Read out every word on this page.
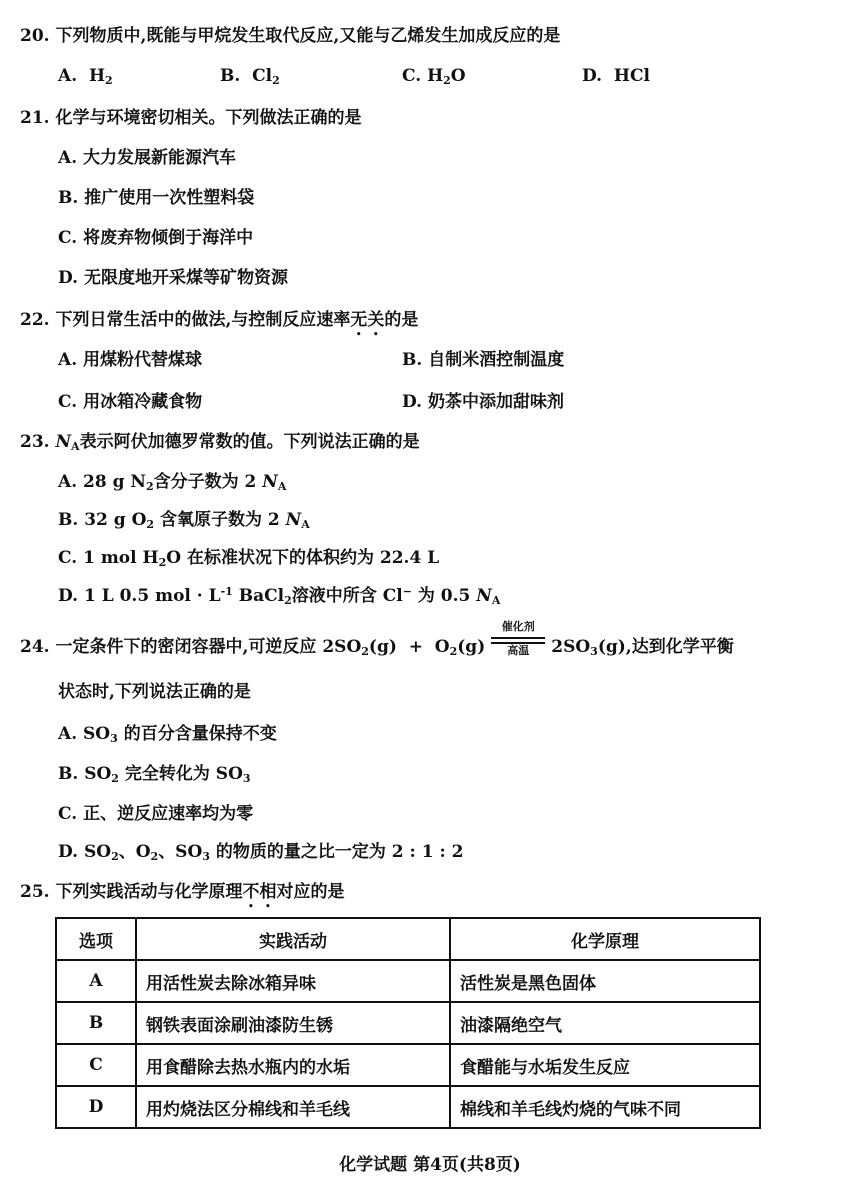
20. 下列物质中,既能与甲烷发生取代反应,又能与乙烯发生加成反应的是
A.  $H_2$	B.  $Cl_2$	C. $H_2O$	D.  HCl
21. 化学与环境密切相关。下列做法正确的是
A. 大力发展新能源汽车
B. 推广使用一次性塑料袋
C. 将废弃物倾倒于海洋中
D. 无限度地开采煤等矿物资源
22. 下列日常生活中的做法,与控制反应速率无关的是
A. 用煤粉代替煤球	B. 自制米酒控制温度
C. 用冰箱冷藏食物	D. 奶茶中添加甜味剂
23. $N_A$表示阿伏加德罗常数的值。下列说法正确的是
A. 28 g $N_2$含分子数为 2 $N_A$
B. 32 g $O_2$ 含氧原子数为 2 $N_A$
C. 1 mol $H_2O$ 在标准状况下的体积约为 22.4 L
D. 1 L 0.5 mol · $L^{-1}$ BaCl$_2$溶液中所含 Cl− 为 0.5 $N_A$
24. 一定条件下的密闭容器中,可逆反应 $2SO_2(g) + O_2(g)$
催化剂
高温	$2SO_3(g)$,达到化学平衡
状态时,下列说法正确的是
A. $SO_3$ 的百分含量保持不变
B. $SO_2$ 完全转化为 $SO_3$
C. 正、逆反应速率均为零
D. $SO_2$、$O_2$、$SO_3$ 的物质的量之比一定为 2 : 1 : 2
25. 下列实践活动与化学原理不相对应的是
选项	实践活动	化学原理
A	用活性炭去除冰箱异味	活性炭是黑色固体
B	钢铁表面涂刷油漆防生锈	油漆隔绝空气
C	用食醋除去热水瓶内的水垢	食醋能与水垢发生反应
D	用灼烧法区分棉线和羊毛线	棉线和羊毛线灼烧的气味不同
化学试题 第4页(共8页)
